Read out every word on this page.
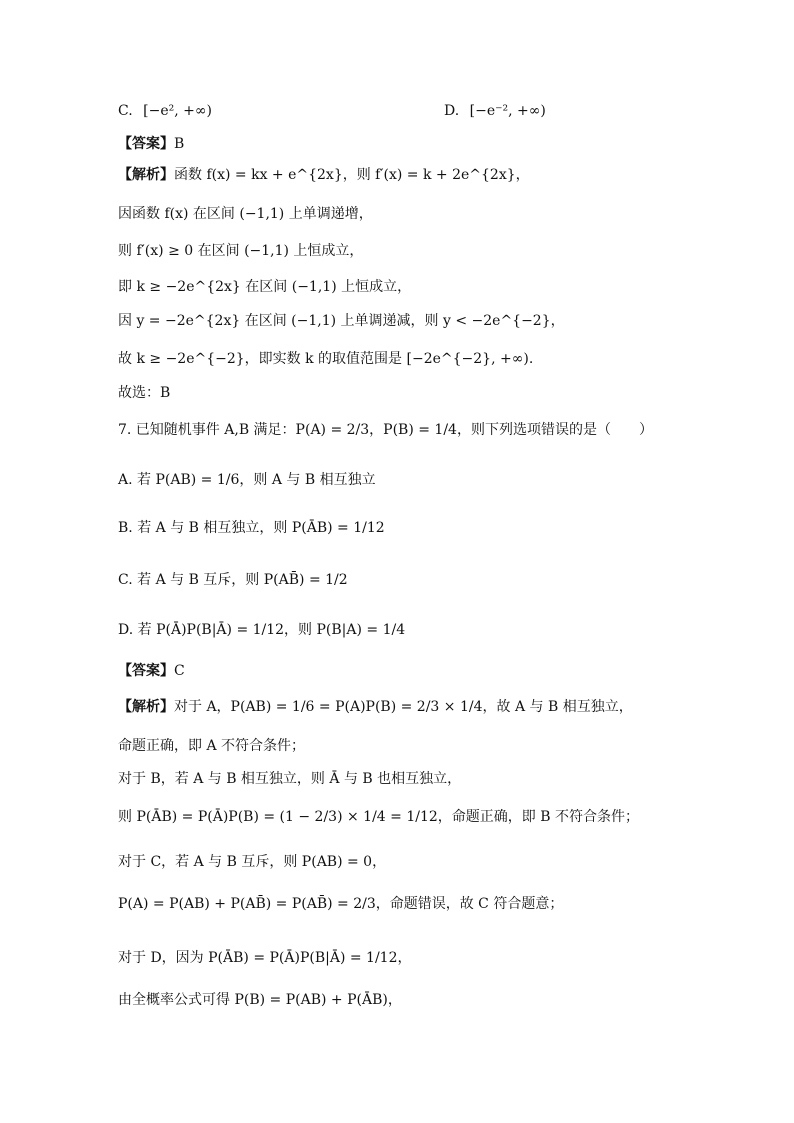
C. [−e², +∞)	D. [−e⁻², +∞)
【答案】B
【解析】函数 f(x) = kx + e^{2x}，则 f′(x) = k + 2e^{2x}，
因函数 f(x) 在区间 (−1,1) 上单调递增，
则 f′(x) ≥ 0 在区间 (−1,1) 上恒成立，
即 k ≥ −2e^{2x} 在区间 (−1,1) 上恒成立，
因 y = −2e^{2x} 在区间 (−1,1) 上单调递减，则 y < −2e^{−2}，
故 k ≥ −2e^{−2}，即实数 k 的取值范围是 [−2e^{−2}, +∞).
故选：B
7. 已知随机事件 A,B 满足：P(A) = 2/3，P(B) = 1/4，则下列选项错误的是（　　）
A. 若 P(AB) = 1/6，则 A 与 B 相互独立
B. 若 A 与 B 相互独立，则 P(ĀB) = 1/12
C. 若 A 与 B 互斥，则 P(AB̄) = 1/2
D. 若 P(Ā)P(B|Ā) = 1/12，则 P(B|A) = 1/4
【答案】C
【解析】对于 A，P(AB) = 1/6 = P(A)P(B) = 2/3 × 1/4，故 A 与 B 相互独立，
命题正确，即 A 不符合条件；
对于 B，若 A 与 B 相互独立，则 Ā 与 B 也相互独立，
则 P(ĀB) = P(Ā)P(B) = (1 − 2/3) × 1/4 = 1/12，命题正确，即 B 不符合条件；
对于 C，若 A 与 B 互斥，则 P(AB) = 0，
P(A) = P(AB) + P(AB̄) = P(AB̄) = 2/3，命题错误，故 C 符合题意；
对于 D，因为 P(ĀB) = P(Ā)P(B|Ā) = 1/12，
由全概率公式可得 P(B) = P(AB) + P(ĀB)，
